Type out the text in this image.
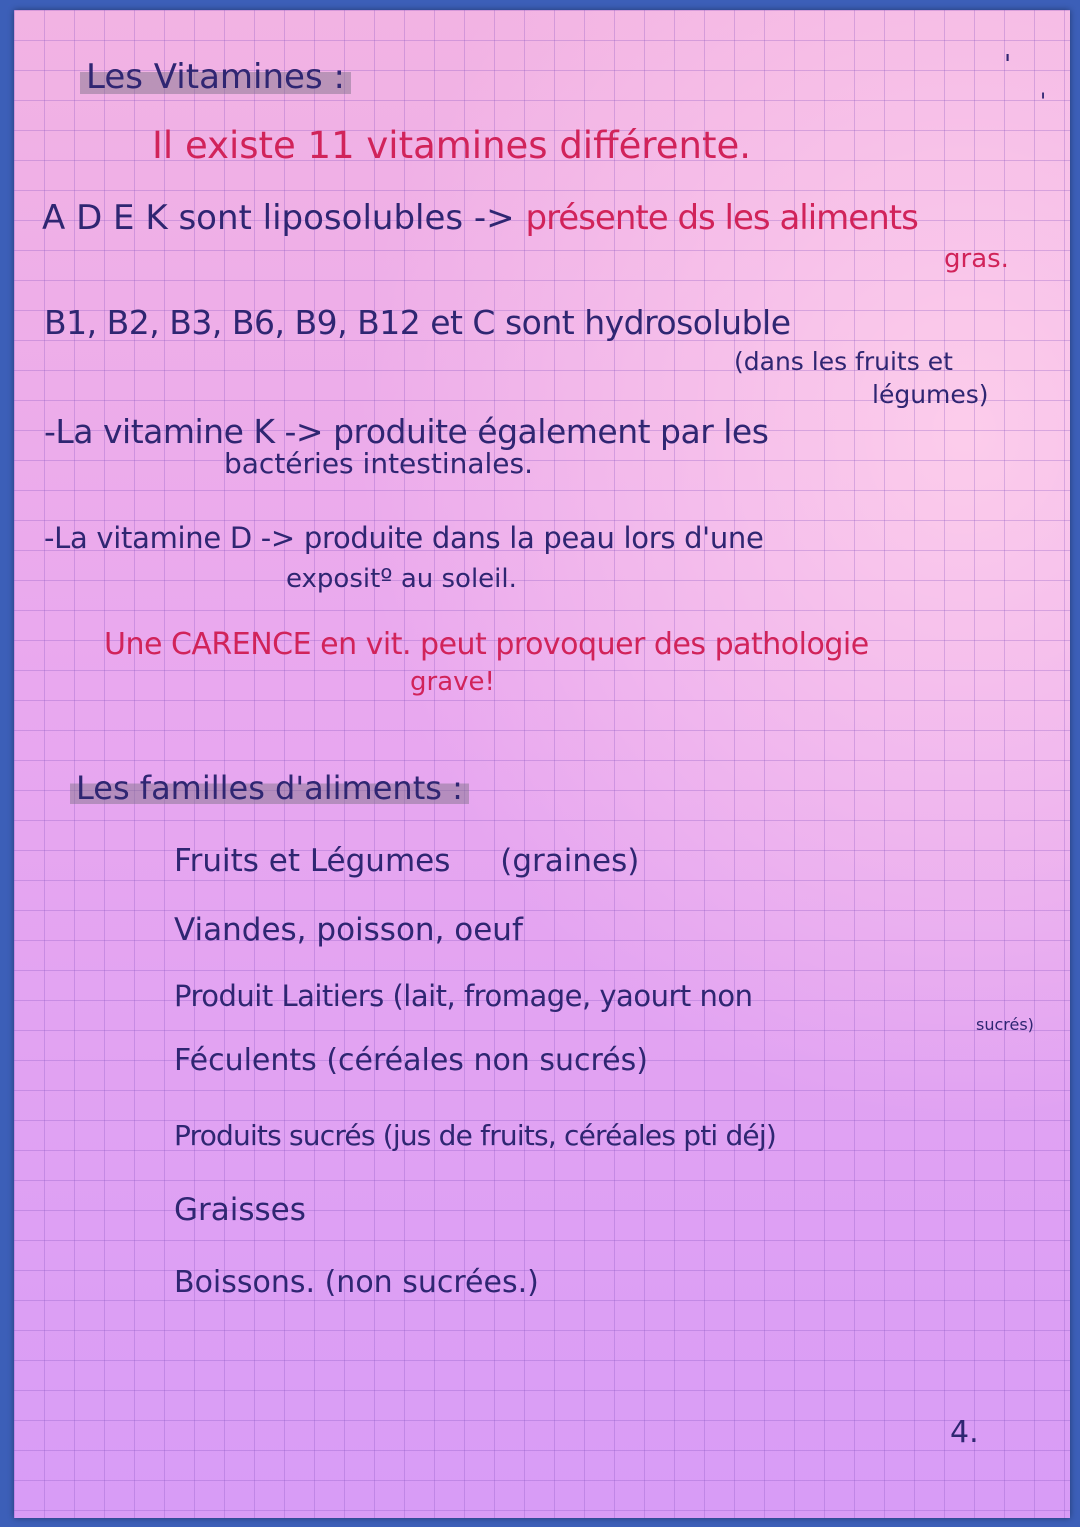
'
'
Les Vitamines :
Il existe 11 vitamines différente.
A D E K sont liposolubles -> présente ds les aliments
gras.
B1, B2, B3, B6, B9, B12 et C sont hydrosoluble
(dans les fruits et
légumes)
-La vitamine K -> produite également par les
bactéries intestinales.
-La vitamine D -> produite dans la peau lors d'une
expositº au soleil.
Une CARENCE en vit. peut provoquer des pathologie
grave!
Les familles d'aliments :
Fruits et Légumes (graines)
Viandes, poisson, oeuf
Produit Laitiers (lait, fromage, yaourt non
sucrés)
Féculents (céréales non sucrés)
Produits sucrés (jus de fruits, céréales pti déj)
Graisses
Boissons. (non sucrées.)
4.
